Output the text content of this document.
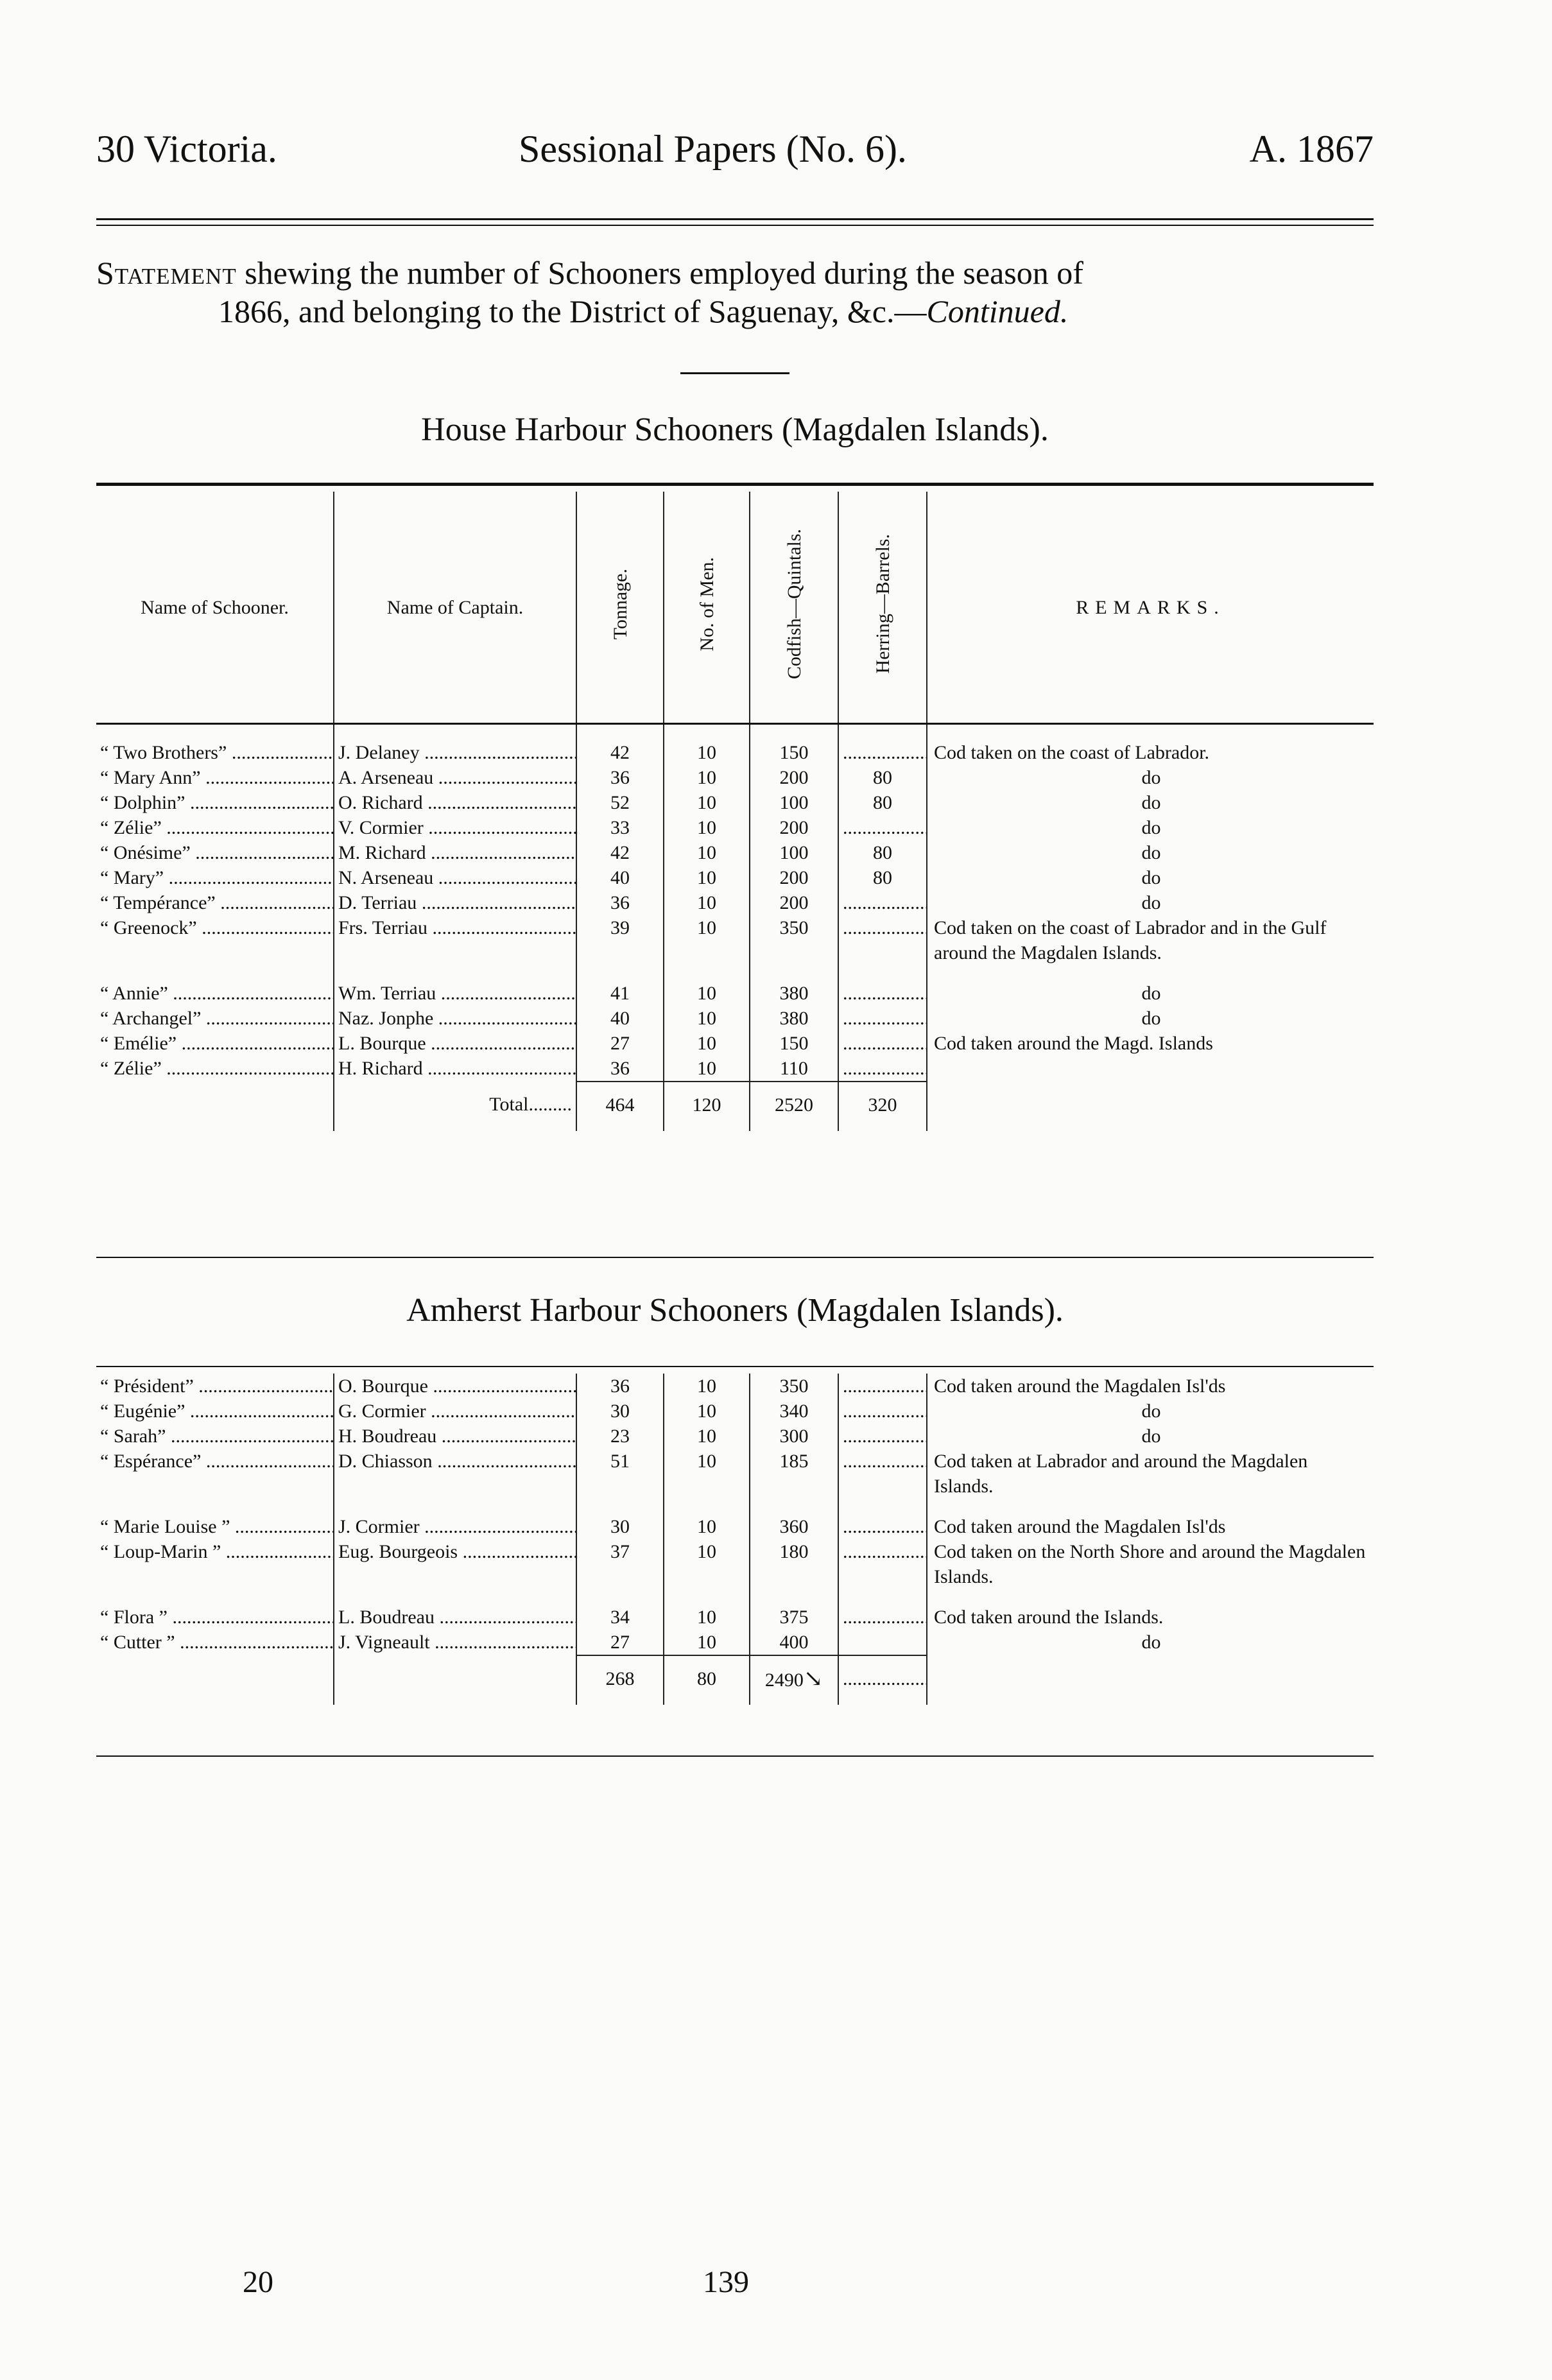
30 Victoria.	Sessional Papers (No. 6).	A. 1867
Statement shewing the number of Schooners employed during the season of
1866, and belonging to the District of Saguenay, &c.—Continued.
House Harbour Schooners (Magdalen Islands).
Name of Schooner.	Name of Captain.	Tonnage.	No. of Men.	Codfish—Quintals.	Herring—Barrels.	REMARKS.

“ Two Brothers” .....	J. Delaney .....	42	10	150	.....	Cod taken on the coast of Labrador.
“ Mary Ann” .....	A. Arseneau .....	36	10	200	80	do

“ Dolphin” .....	O. Richard .....	52	10	100	80	do

“ Zélie” .....	V. Cormier .....	33	10	200	.....	do

“ Onésime” .....	M. Richard .....	42	10	100	80	do

“ Mary” .....	N. Arseneau .....	40	10	200	80	do

“ Tempérance” .....	D. Terriau .....	36	10	200	.....	do

“ Greenock” .....	Frs. Terriau .....	39	10	350	.....	Cod taken on the coast of Labrador and in the Gulf around the Magdalen Islands.

“ Annie” .....	Wm. Terriau .....	41	10	380	.....	do

“ Archangel” .....	Naz. Jonphe .....	40	10	380	.....	do

“ Emélie” .....	L. Bourque .....	27	10	150	.....	Cod taken around the Magd. Islands
“ Zélie” .....	H. Richard .....	36	10	110	.....	
	Total.........	464	120	2520	320	
Amherst Harbour Schooners (Magdalen Islands).
“ Président” .....	O. Bourque .....	36	10	350	.....	Cod taken around the Magdalen Isl'ds
“ Eugénie” .....	G. Cormier .....	30	10	340	.....	do

“ Sarah” .....	H. Boudreau .....	23	10	300	.....	do

“ Espérance” .....	D. Chiasson .....	51	10	185	.....	Cod taken at Labrador and around the Magdalen Islands.

“ Marie Louise ” .....	J. Cormier .....	30	10	360	.....	Cod taken around the Magdalen Isl'ds
“ Loup-Marin ” .....	Eug. Bourgeois .....	37	10	180	.....	Cod taken on the North Shore and around the Magdalen Islands.

“ Flora ” .....	L. Boudreau .....	34	10	375	.....	Cod taken around the Islands.
“ Cutter ” .....	J. Vigneault .....	27	10	400		do

		268	80	2490↘	.....	
20	139
